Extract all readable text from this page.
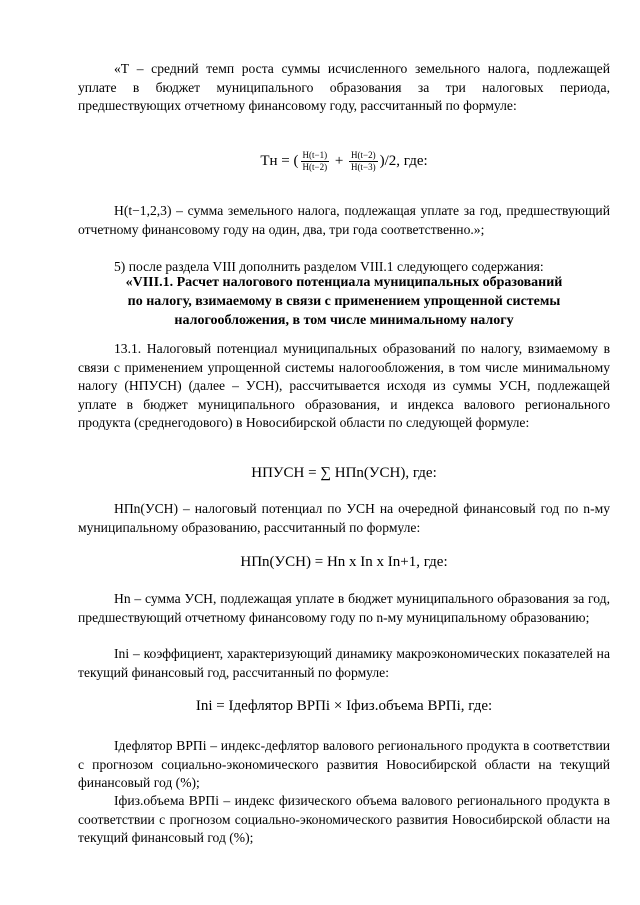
«Т – средний темп роста суммы исчисленного земельного налога, подлежащей уплате в бюджет муниципального образования за три налоговых периода, предшествующих отчетному финансовому году, рассчитанный по формуле:

Тн = ( $\frac{Н(t-1)}{Н(t-2)} + \frac{Н(t-2)}{Н(t-3)} )/2$, где:

Н(t−1,2,3) – сумма земельного налога, подлежащая уплате за год, предшествующий отчетному финансовому году на один, два, три года соответственно.»;

5) после раздела VIII дополнить разделом VIII.1 следующего содержания:

«VIII.1. Расчет налогового потенциала муниципальных образований
по налогу, взимаемому в связи с применением упрощенной системы
налогообложения, в том числе минимальному налогу

13.1. Налоговый потенциал муниципальных образований по налогу, взимаемому в связи с применением упрощенной системы налогообложения, в том числе минимальному налогу (НПУСН) (далее – УСН), рассчитывается исходя из суммы УСН, подлежащей уплате в бюджет муниципального образования, и индекса валового регионального продукта (среднегодового) в Новосибирской области по следующей формуле:

НПУСН = ∑ НПn(УСН), где:

НПn(УСН) – налоговый потенциал по УСН на очередной финансовый год по n-му муниципальному образованию, рассчитанный по формуле:

НПn(УСН) = Нn x In x In+1, где:

Нn – сумма УСН, подлежащая уплате в бюджет муниципального образования за год, предшествующий отчетному финансовому году по n-му муниципальному образованию;

Ini – коэффициент, характеризующий динамику макроэкономических показателей на текущий финансовый год, рассчитанный по формуле:

Ini = Iдефлятор ВРПi × Iфиз.объема ВРПi, где:

Iдефлятор ВРПi – индекс-дефлятор валового регионального продукта в соответствии с прогнозом социально-экономического развития Новосибирской области на текущий финансовый год (%);

Iфиз.объема ВРПi – индекс физического объема валового регионального продукта в соответствии с прогнозом социально-экономического развития Новосибирской области на текущий финансовый год (%);
